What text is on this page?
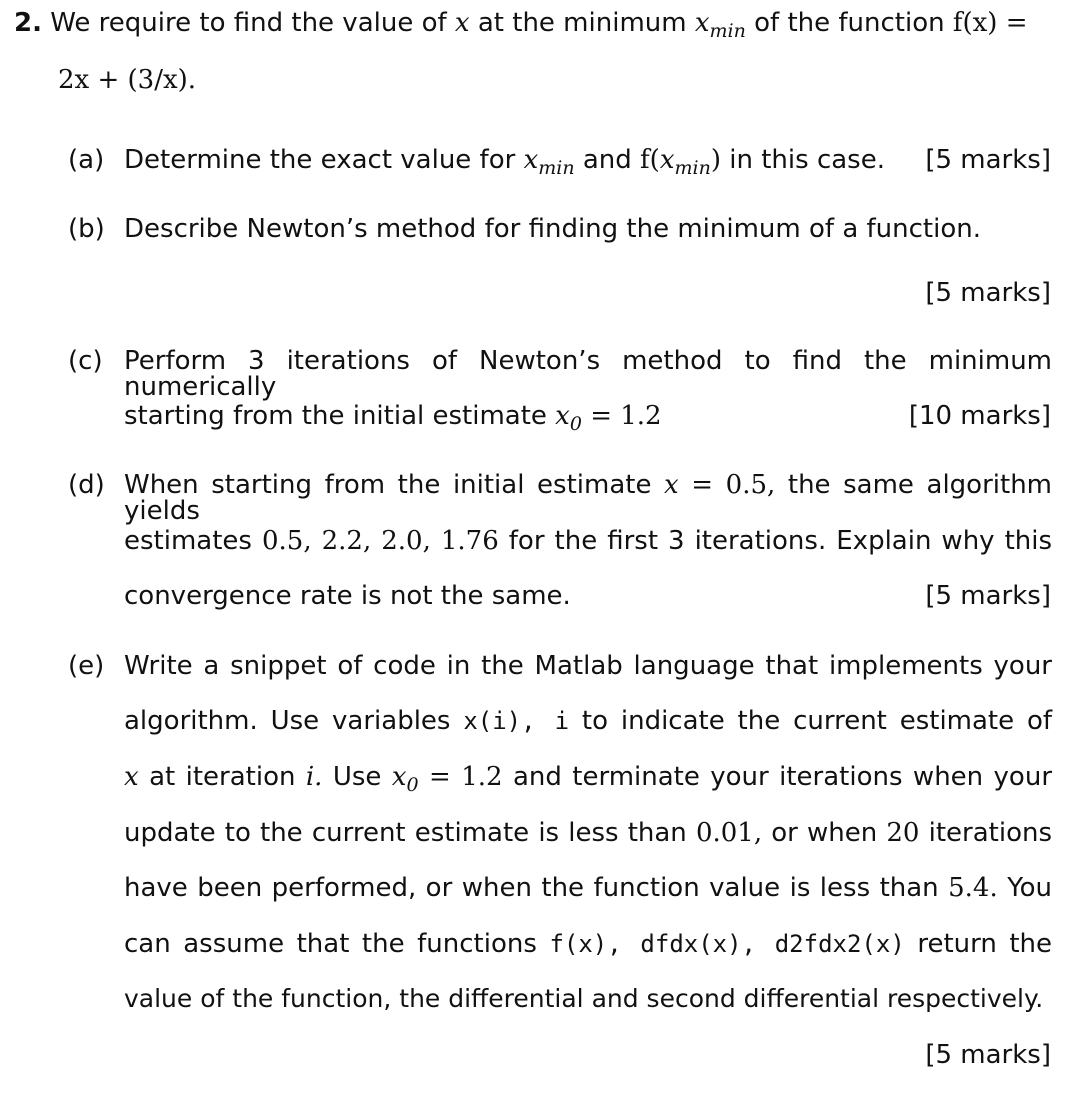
2. We require to find the value of x at the minimum $x_{min}$ of the function f(x) =
2x + (3/x).
(a) Determine the exact value for $x_{min}$ and $f(x_{min})$ in this case. [5 marks]
(b) Describe Newton’s method for finding the minimum of a function.
[5 marks]
(c) Perform 3 iterations of Newton’s method to find the minimum numerically
starting from the initial estimate $x_0 = 1.2$	[10 marks]
(d) When starting from the initial estimate x = 0.5, the same algorithm yields
estimates 0.5, 2.2, 2.0, 1.76 for the first 3 iterations. Explain why this
convergence rate is not the same.	[5 marks]
(e) Write a snippet of code in the Matlab language that implements your
algorithm. Use variables x(i), i to indicate the current estimate of
x at iteration i. Use $x_0 = 1.2$ and terminate your iterations when your
update to the current estimate is less than 0.01, or when 20 iterations
have been performed, or when the function value is less than 5.4. You
can assume that the functions f(x), dfdx(x), d2fdx2(x) return the
value of the function, the differential and second differential respectively.
[5 marks]
